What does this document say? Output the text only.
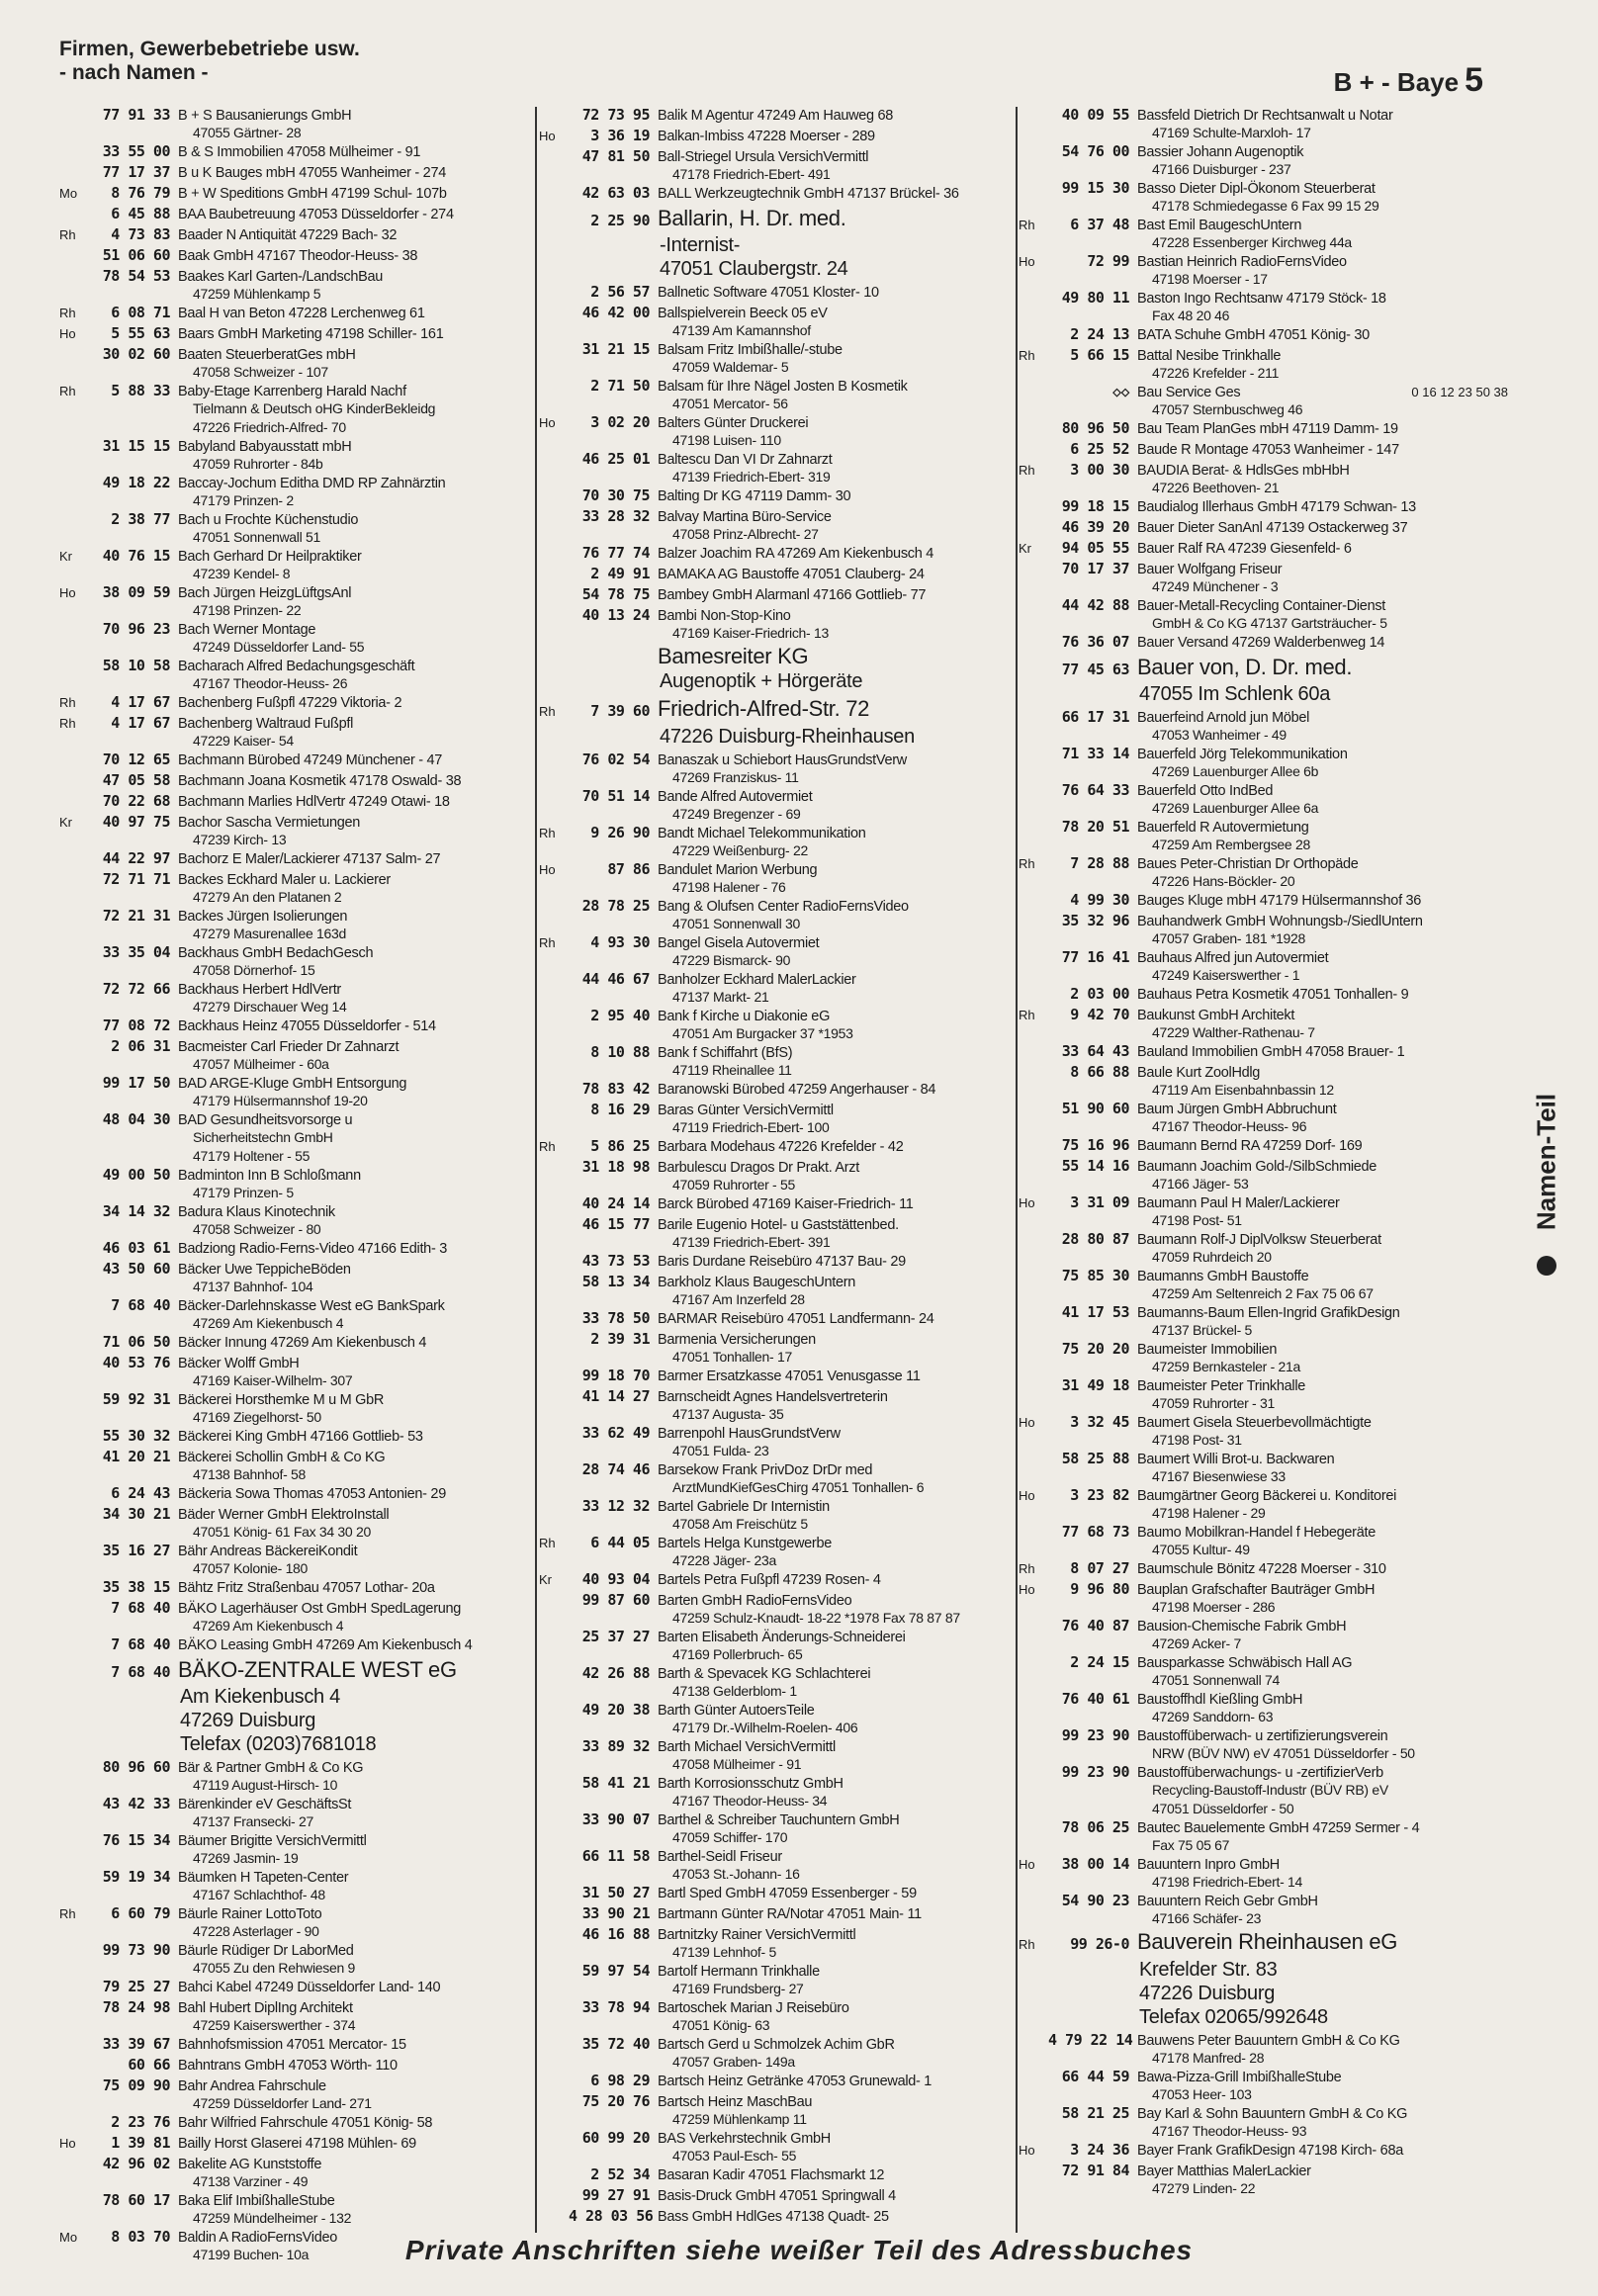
Firmen, Gewerbebetriebe usw.
- nach Namen -	B + - Baye 5
77 91 33 B + S Bausanierungs GmbH
47055 Gärtner- 28
33 55 00 B & S Immobilien 47058 Mülheimer - 91
77 17 37 B u K Bauges mbH 47055 Wanheimer - 274
Mo	8 76 79 B + W Speditions GmbH 47199 Schul- 107b
6 45 88 BAA Baubetreuung 47053 Düsseldorfer - 274
Rh	4 73 83 Baader N Antiquität 47229 Bach- 32
51 06 60 Baak GmbH 47167 Theodor-Heuss- 38
78 54 53 Baakes Karl Garten-/LandschBau
47259 Mühlenkamp 5
Rh	6 08 71 Baal H van Beton 47228 Lerchenweg 61
Ho	5 55 63 Baars GmbH Marketing 47198 Schiller- 161
30 02 60 Baaten SteuerberatGes mbH
47058 Schweizer - 107
Rh	5 88 33 Baby-Etage Karrenberg Harald Nachf
Tielmann & Deutsch oHG KinderBekleidg
47226 Friedrich-Alfred- 70
31 15 15 Babyland Babyausstatt mbH
47059 Ruhrorter - 84b
49 18 22 Baccay-Jochum Editha DMD RP Zahnärztin
47179 Prinzen- 2
2 38 77 Bach u Frochte Küchenstudio
47051 Sonnenwall 51
Kr	40 76 15 Bach Gerhard Dr Heilpraktiker
47239 Kendel- 8
Ho	38 09 59 Bach Jürgen HeizgLüftgsAnl
47198 Prinzen- 22
70 96 23 Bach Werner Montage
47249 Düsseldorfer Land- 55
58 10 58 Bacharach Alfred Bedachungsgeschäft
47167 Theodor-Heuss- 26
Rh	4 17 67 Bachenberg Fußpfl 47229 Viktoria- 2
Rh	4 17 67 Bachenberg Waltraud Fußpfl
47229 Kaiser- 54
70 12 65 Bachmann Bürobed 47249 Münchener - 47
47 05 58 Bachmann Joana Kosmetik 47178 Oswald- 38
70 22 68 Bachmann Marlies HdlVertr 47249 Otawi- 18
Kr	40 97 75 Bachor Sascha Vermietungen
47239 Kirch- 13
44 22 97 Bachorz E Maler/Lackierer 47137 Salm- 27
72 71 71 Backes Eckhard Maler u. Lackierer
47279 An den Platanen 2
72 21 31 Backes Jürgen Isolierungen
47279 Masurenallee 163d
33 35 04 Backhaus GmbH BedachGesch
47058 Dörnerhof- 15
72 72 66 Backhaus Herbert HdlVertr
47279 Dirschauer Weg 14
77 08 72 Backhaus Heinz 47055 Düsseldorfer - 514
2 06 31 Bacmeister Carl Frieder Dr Zahnarzt
47057 Mülheimer - 60a
99 17 50 BAD ARGE-Kluge GmbH Entsorgung
47179 Hülsermannshof 19-20
48 04 30 BAD Gesundheitsvorsorge u
Sicherheitstechn GmbH
47179 Holtener - 55
49 00 50 Badminton Inn B Schloßmann
47179 Prinzen- 5
34 14 32 Badura Klaus Kinotechnik
47058 Schweizer - 80
46 03 61 Badziong Radio-Ferns-Video 47166 Edith- 3
43 50 60 Bäcker Uwe TeppicheBöden
47137 Bahnhof- 104
7 68 40 Bäcker-Darlehnskasse West eG BankSpark
47269 Am Kiekenbusch 4
71 06 50 Bäcker Innung 47269 Am Kiekenbusch 4
40 53 76 Bäcker Wolff GmbH
47169 Kaiser-Wilhelm- 307
59 92 31 Bäckerei Horsthemke M u M GbR
47169 Ziegelhorst- 50
55 30 32 Bäckerei King GmbH 47166 Gottlieb- 53
41 20 21 Bäckerei Schollin GmbH & Co KG
47138 Bahnhof- 58
6 24 43 Bäckeria Sowa Thomas 47053 Antonien- 29
34 30 21 Bäder Werner GmbH ElektroInstall
47051 König- 61 Fax 34 30 20
35 16 27 Bähr Andreas BäckereiKondit
47057 Kolonie- 180
35 38 15 Bähtz Fritz Straßenbau 47057 Lothar- 20a
7 68 40 BÄKO Lagerhäuser Ost GmbH SpedLagerung
47269 Am Kiekenbusch 4
7 68 40 BÄKO Leasing GmbH 47269 Am Kiekenbusch 4
7 68 40 BÄKO-ZENTRALE WEST eG
Am Kiekenbusch 4
47269 Duisburg
Telefax (0203)7681018
80 96 60 Bär & Partner GmbH & Co KG
47119 August-Hirsch- 10
43 42 33 Bärenkinder eV GeschäftsSt
47137 Fransecki- 27
76 15 34 Bäumer Brigitte VersichVermittl
47269 Jasmin- 19
59 19 34 Bäumken H Tapeten-Center
47167 Schlachthof- 48
Rh	6 60 79 Bäurle Rainer LottoToto
47228 Asterlager - 90
99 73 90 Bäurle Rüdiger Dr LaborMed
47055 Zu den Rehwiesen 9
79 25 27 Bahci Kabel 47249 Düsseldorfer Land- 140
78 24 98 Bahl Hubert DiplIng Architekt
47259 Kaiserswerther - 374
33 39 67 Bahnhofsmission 47051 Mercator- 15
60 66 Bahntrans GmbH 47053 Wörth- 110
75 09 90 Bahr Andrea Fahrschule
47259 Düsseldorfer Land- 271
2 23 76 Bahr Wilfried Fahrschule 47051 König- 58
Ho	1 39 81 Bailly Horst Glaserei 47198 Mühlen- 69
42 96 02 Bakelite AG Kunststoffe
47138 Varziner - 49
78 60 17 Baka Elif ImbißhalleStube
47259 Mündelheimer - 132
Mo	8 03 70 Baldin A RadioFernsVideo
47199 Buchen- 10a
72 73 95 Balik M Agentur 47249 Am Hauweg 68
Ho	3 36 19 Balkan-Imbiss 47228 Moerser - 289
47 81 50 Ball-Striegel Ursula VersichVermittl
47178 Friedrich-Ebert- 491
42 63 03 BALL Werkzeugtechnik GmbH 47137 Brückel- 36
2 25 90 Ballarin, H. Dr. med.
-Internist-
47051 Claubergstr. 24
2 56 57 Ballnetic Software 47051 Kloster- 10
46 42 00 Ballspielverein Beeck 05 eV
47139 Am Kamannshof
31 21 15 Balsam Fritz Imbißhalle/-stube
47059 Waldemar- 5
2 71 50 Balsam für Ihre Nägel Josten B Kosmetik
47051 Mercator- 56
Ho	3 02 20 Balters Günter Druckerei
47198 Luisen- 110
46 25 01 Baltescu Dan VI Dr Zahnarzt
47139 Friedrich-Ebert- 319
70 30 75 Balting Dr KG 47119 Damm- 30
33 28 32 Balvay Martina Büro-Service
47058 Prinz-Albrecht- 27
76 77 74 Balzer Joachim RA 47269 Am Kiekenbusch 4
2 49 91 BAMAKA AG Baustoffe 47051 Clauberg- 24
54 78 75 Bambey GmbH Alarmanl 47166 Gottlieb- 77
40 13 24 Bambi Non-Stop-Kino
47169 Kaiser-Friedrich- 13
Bamesreiter KG
Augenoptik + Hörgeräte
Rh	7 39 60 Friedrich-Alfred-Str. 72
47226 Duisburg-Rheinhausen
76 02 54 Banaszak u Schiebort HausGrundstVerw
47269 Franziskus- 11
70 51 14 Bande Alfred Autovermiet
47249 Bregenzer - 69
Rh	9 26 90 Bandt Michael Telekommunikation
47229 Weißenburg- 22
Ho	87 86 Bandulet Marion Werbung
47198 Halener - 76
28 78 25 Bang & Olufsen Center RadioFernsVideo
47051 Sonnenwall 30
Rh	4 93 30 Bangel Gisela Autovermiet
47229 Bismarck- 90
44 46 67 Banholzer Eckhard MalerLackier
47137 Markt- 21
2 95 40 Bank f Kirche u Diakonie eG
47051 Am Burgacker 37 *1953
8 10 88 Bank f Schiffahrt (BfS)
47119 Rheinallee 11
78 83 42 Baranowski Bürobed 47259 Angerhauser - 84
8 16 29 Baras Günter VersichVermittl
47119 Friedrich-Ebert- 100
Rh	5 86 25 Barbara Modehaus 47226 Krefelder - 42
31 18 98 Barbulescu Dragos Dr Prakt. Arzt
47059 Ruhrorter - 55
40 24 14 Barck Bürobed 47169 Kaiser-Friedrich- 11
46 15 77 Barile Eugenio Hotel- u Gaststättenbed.
47139 Friedrich-Ebert- 391
43 73 53 Baris Durdane Reisebüro 47137 Bau- 29
58 13 34 Barkholz Klaus BaugeschUntern
47167 Am Inzerfeld 28
33 78 50 BARMAR Reisebüro 47051 Landfermann- 24
2 39 31 Barmenia Versicherungen
47051 Tonhallen- 17
99 18 70 Barmer Ersatzkasse 47051 Venusgasse 11
41 14 27 Barnscheidt Agnes Handelsvertreterin
47137 Augusta- 35
33 62 49 Barrenpohl HausGrundstVerw
47051 Fulda- 23
28 74 46 Barsekow Frank PrivDoz DrDr med
ArztMundKiefGesChirg 47051 Tonhallen- 6
33 12 32 Bartel Gabriele Dr Internistin
47058 Am Freischütz 5
Rh	6 44 05 Bartels Helga Kunstgewerbe
47228 Jäger- 23a
Kr	40 93 04 Bartels Petra Fußpfl 47239 Rosen- 4
99 87 60 Barten GmbH RadioFernsVideo
47259 Schulz-Knaudt- 18-22 *1978 Fax 78 87 87
25 37 27 Barten Elisabeth Änderungs-Schneiderei
47169 Pollerbruch- 65
42 26 88 Barth & Spevacek KG Schlachterei
47138 Gelderblom- 1
49 20 38 Barth Günter AutoersTeile
47179 Dr.-Wilhelm-Roelen- 406
33 89 32 Barth Michael VersichVermittl
47058 Mülheimer - 91
58 41 21 Barth Korrosionsschutz GmbH
47167 Theodor-Heuss- 34
33 90 07 Barthel & Schreiber Tauchuntern GmbH
47059 Schiffer- 170
66 11 58 Barthel-Seidl Friseur
47053 St.-Johann- 16
31 50 27 Bartl Sped GmbH 47059 Essenberger - 59
33 90 21 Bartmann Günter RA/Notar 47051 Main- 11
46 16 88 Bartnitzky Rainer VersichVermittl
47139 Lehnhof- 5
59 97 54 Bartolf Hermann Trinkhalle
47169 Frundsberg- 27
33 78 94 Bartoschek Marian J Reisebüro
47051 König- 63
35 72 40 Bartsch Gerd u Schmolzek Achim GbR
47057 Graben- 149a
6 98 29 Bartsch Heinz Getränke 47053 Grunewald- 1
75 20 76 Bartsch Heinz MaschBau
47259 Mühlenkamp 11
60 99 20 BAS Verkehrstechnik GmbH
47053 Paul-Esch- 55
2 52 34 Basaran Kadir 47051 Flachsmarkt 12
99 27 91 Basis-Druck GmbH 47051 Springwall 4
4 28 03 56 Bass GmbH HdlGes 47138 Quadt- 25
40 09 55 Bassfeld Dietrich Dr Rechtsanwalt u Notar
47169 Schulte-Marxloh- 17
54 76 00 Bassier Johann Augenoptik
47166 Duisburger - 237
99 15 30 Basso Dieter Dipl-Ökonom Steuerberat
47178 Schmiedegasse 6 Fax 99 15 29
Rh	6 37 48 Bast Emil BaugeschUntern
47228 Essenberger Kirchweg 44a
Ho	72 99 Bastian Heinrich RadioFernsVideo
47198 Moerser - 17
49 80 11 Baston Ingo Rechtsanw 47179 Stöck- 18
Fax 48 20 46
2 24 13 BATA Schuhe GmbH 47051 König- 30
Rh	5 66 15 Battal Nesibe Trinkhalle
47226 Krefelder - 211
◇◇ Bau Service Ges	0 16 12 23 50 38
47057 Sternbuschweg 46
80 96 50 Bau Team PlanGes mbH 47119 Damm- 19
6 25 52 Baude R Montage 47053 Wanheimer - 147
Rh	3 00 30 BAUDIA Berat- & HdlsGes mbHbH
47226 Beethoven- 21
99 18 15 Baudialog Illerhaus GmbH 47179 Schwan- 13
46 39 20 Bauer Dieter SanAnl 47139 Ostackerweg 37
Kr	94 05 55 Bauer Ralf RA 47239 Giesenfeld- 6
70 17 37 Bauer Wolfgang Friseur
47249 Münchener - 3
44 42 88 Bauer-Metall-Recycling Container-Dienst
GmbH & Co KG 47137 Gartsträucher- 5
76 36 07 Bauer Versand 47269 Walderbenweg 14
77 45 63 Bauer von, D. Dr. med.
47055 Im Schlenk 60a
66 17 31 Bauerfeind Arnold jun Möbel
47053 Wanheimer - 49
71 33 14 Bauerfeld Jörg Telekommunikation
47269 Lauenburger Allee 6b
76 64 33 Bauerfeld Otto IndBed
47269 Lauenburger Allee 6a
78 20 51 Bauerfeld R Autovermietung
47259 Am Rembergsee 28
Rh	7 28 88 Baues Peter-Christian Dr Orthopäde
47226 Hans-Böckler- 20
4 99 30 Bauges Kluge mbH 47179 Hülsermannshof 36
35 32 96 Bauhandwerk GmbH Wohnungsb-/SiedlUntern
47057 Graben- 181 *1928
77 16 41 Bauhaus Alfred jun Autovermiet
47249 Kaiserswerther - 1
2 03 00 Bauhaus Petra Kosmetik 47051 Tonhallen- 9
Rh	9 42 70 Baukunst GmbH Architekt
47229 Walther-Rathenau- 7
33 64 43 Bauland Immobilien GmbH 47058 Brauer- 1
8 66 88 Baule Kurt ZoolHdlg
47119 Am Eisenbahnbassin 12
51 90 60 Baum Jürgen GmbH Abbruchunt
47167 Theodor-Heuss- 96
75 16 96 Baumann Bernd RA 47259 Dorf- 169
55 14 16 Baumann Joachim Gold-/SilbSchmiede
47166 Jäger- 53
Ho	3 31 09 Baumann Paul H Maler/Lackierer
47198 Post- 51
28 80 87 Baumann Rolf-J DiplVolksw Steuerberat
47059 Ruhrdeich 20
75 85 30 Baumanns GmbH Baustoffe
47259 Am Seltenreich 2 Fax 75 06 67
41 17 53 Baumanns-Baum Ellen-Ingrid GrafikDesign
47137 Brückel- 5
75 20 20 Baumeister Immobilien
47259 Bernkasteler - 21a
31 49 18 Baumeister Peter Trinkhalle
47059 Ruhrorter - 31
Ho	3 32 45 Baumert Gisela Steuerbevollmächtigte
47198 Post- 31
58 25 88 Baumert Willi Brot-u. Backwaren
47167 Biesenwiese 33
Ho	3 23 82 Baumgärtner Georg Bäckerei u. Konditorei
47198 Halener - 29
77 68 73 Baumo Mobilkran-Handel f Hebegeräte
47055 Kultur- 49
Rh	8 07 27 Baumschule Bönitz 47228 Moerser - 310
Ho	9 96 80 Bauplan Grafschafter Bauträger GmbH
47198 Moerser - 286
76 40 87 Bausion-Chemische Fabrik GmbH
47269 Acker- 7
2 24 15 Bausparkasse Schwäbisch Hall AG
47051 Sonnenwall 74
76 40 61 Baustoffhdl Kießling GmbH
47269 Sanddorn- 63
99 23 90 Baustoffüberwach- u zertifizierungsverein
NRW (BÜV NW) eV 47051 Düsseldorfer - 50
99 23 90 Baustoffüberwachungs- u -zertifizierVerb
Recycling-Baustoff-Industr (BÜV RB) eV
47051 Düsseldorfer - 50
78 06 25 Bautec Bauelemente GmbH 47259 Sermer - 4
Fax 75 05 67
Ho	38 00 14 Bauuntern Inpro GmbH
47198 Friedrich-Ebert- 14
54 90 23 Bauuntern Reich Gebr GmbH
47166 Schäfer- 23
Rh	99 26-0 Bauverein Rheinhausen eG
Krefelder Str. 83
47226 Duisburg
Telefax 02065/992648
4 79 22 14 Bauwens Peter Bauuntern GmbH & Co KG
47178 Manfred- 28
66 44 59 Bawa-Pizza-Grill ImbißhalleStube
47053 Heer- 103
58 21 25 Bay Karl & Sohn Bauuntern GmbH & Co KG
47167 Theodor-Heuss- 93
Ho	3 24 36 Bayer Frank GrafikDesign 47198 Kirch- 68a
72 91 84 Bayer Matthias MalerLackier
47279 Linden- 22
Namen-Teil
Private Anschriften siehe weißer Teil des Adressbuches
